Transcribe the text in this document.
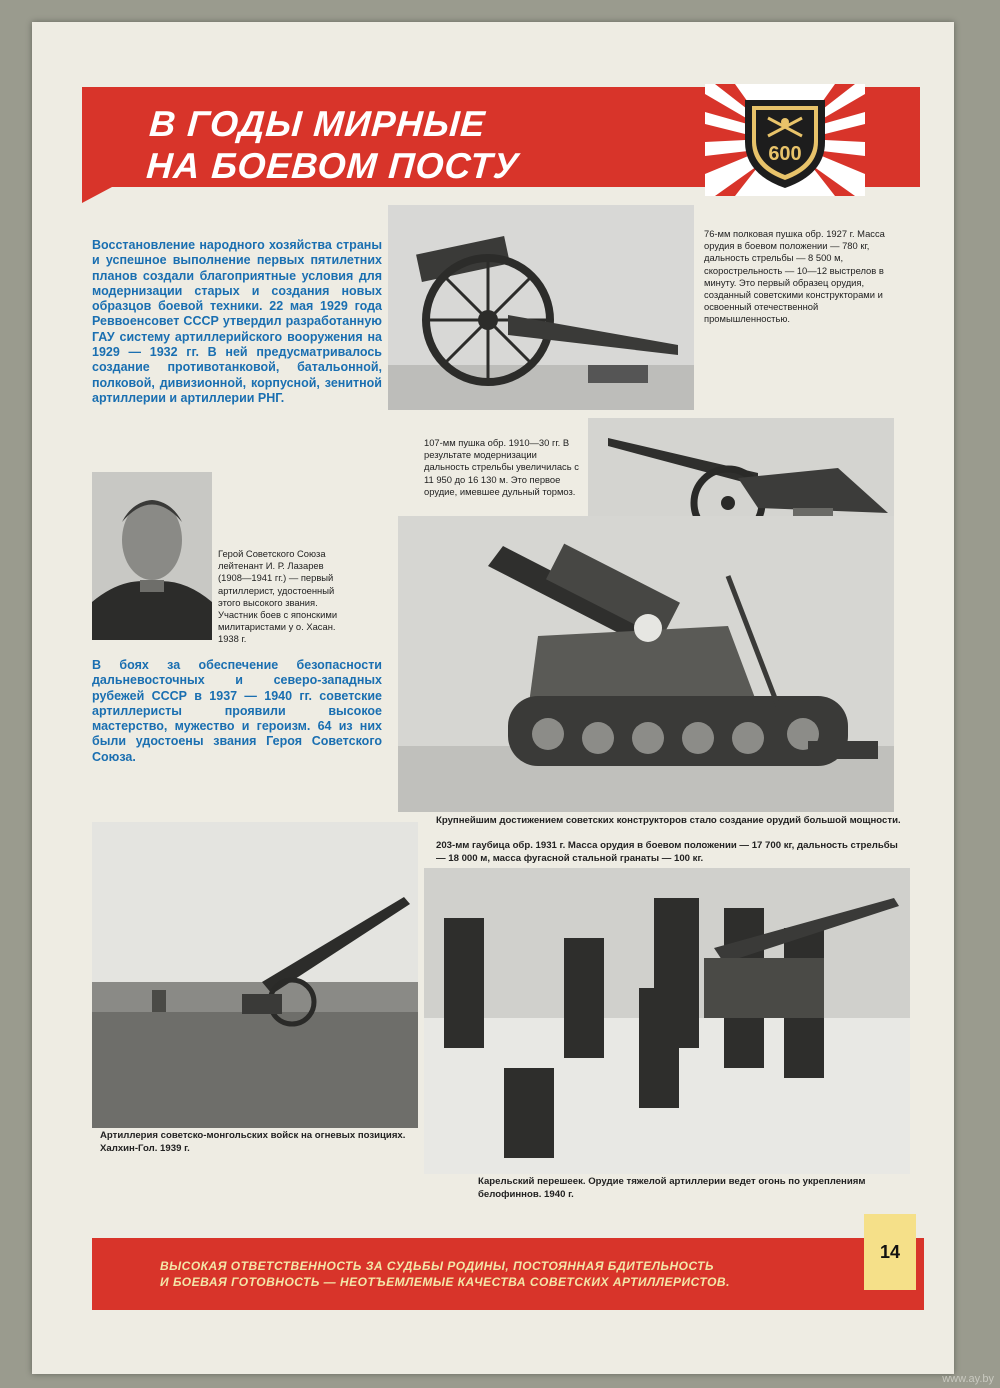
В ГОДЫ МИРНЫЕ
НА БОЕВОМ ПОСТУ	600
Восстановление народного хозяйства страны и успешное выполнение первых пятилетних планов создали благоприятные условия для модернизации старых и создания новых образцов боевой техники. 22 мая 1929 года Реввоенсовет СССР утвердил разработанную ГАУ систему артиллерийского вооружения на 1929 — 1932 гг. В ней предусматривалось создание противотанковой, батальонной, полковой, дивизионной, корпусной, зенитной артиллерии и артиллерии РНГ.
76-мм полковая пушка обр. 1927 г. Масса орудия в боевом положении — 780 кг, дальность стрельбы — 8 500 м, скорострельность — 10—12 выстрелов в минуту. Это первый образец орудия, созданный советскими конструкторами и освоенный отечественной промышленностью.
107-мм пушка обр. 1910—30 гг. В результате модернизации дальность стрельбы увеличилась с 11 950 до 16 130 м. Это первое орудие, имевшее дульный тормоз.
Герой Советского Союза лейтенант И. Р. Лазарев (1908—1941 гг.) — первый артиллерист, удостоенный этого высокого звания. Участник боев с японскими милитаристами у о. Хасан. 1938 г.
В боях за обеспечение безопасности дальневосточных и северо-западных рубежей СССР в 1937 — 1940 гг. советские артиллеристы проявили высокое мастерство, мужество и героизм. 64 из них были удостоены звания Героя Советского Союза.
Крупнейшим достижением советских конструкторов стало создание орудий большой мощности.
203-мм гаубица обр. 1931 г. Масса орудия в боевом положении — 17 700 кг, дальность стрельбы — 18 000 м, масса фугасной стальной гранаты — 100 кг.
Артиллерия советско-монгольских войск на огневых позициях. Халхин-Гол. 1939 г.
Карельский перешеек. Орудие тяжелой артиллерии ведет огонь по укреплениям белофиннов. 1940 г.
ВЫСОКАЯ ОТВЕТСТВЕННОСТЬ ЗА СУДЬБЫ РОДИНЫ, ПОСТОЯННАЯ БДИТЕЛЬНОСТЬ
И БОЕВАЯ ГОТОВНОСТЬ — НЕОТЪЕМЛЕМЫЕ КАЧЕСТВА СОВЕТСКИХ АРТИЛЛЕРИСТОВ.
14
www.ay.by
